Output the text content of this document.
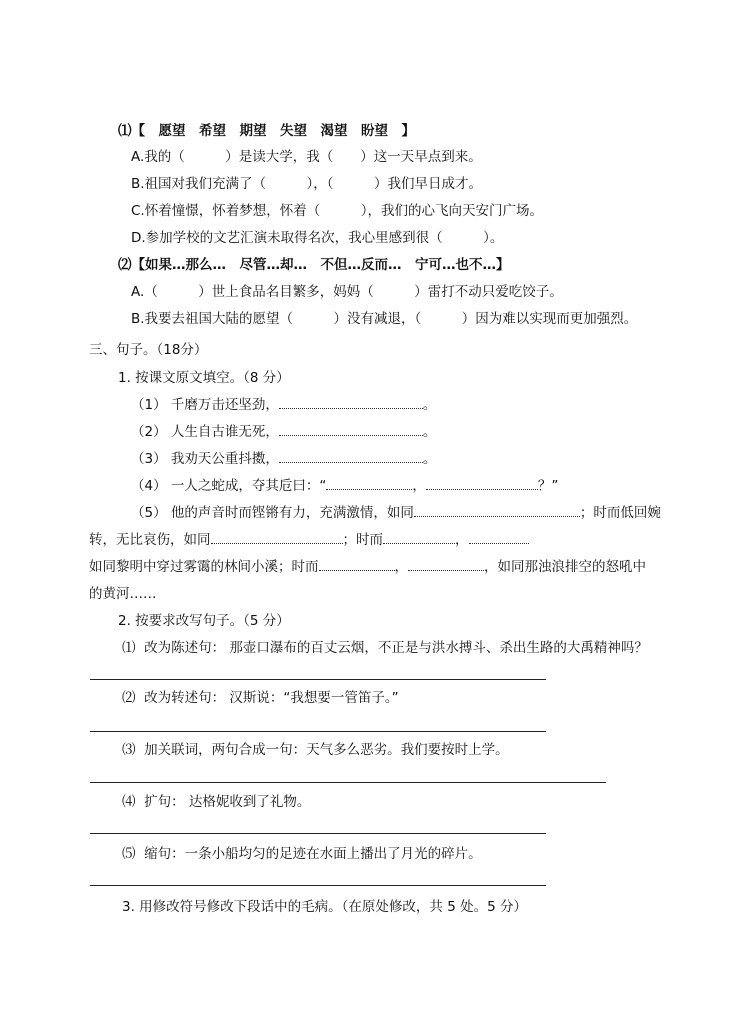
⑴【　愿望　希望　期望　失望　渴望　盼望　】
A.我的（　　　）是读大学，我（　　）这一天早点到来。
B.祖国对我们充满了（　　　），（　　　）我们早日成才。
C.怀着憧憬，怀着梦想，怀着（　　　），我们的心飞向天安门广场。
D.参加学校的文艺汇演未取得名次，我心里感到很（　　　）。
⑵【如果…那么…　尽管…却…　不但…反而…　宁可…也不…】
A.（　　　）世上食品名目繁多，妈妈（　　　）雷打不动只爱吃饺子。
B.我要去祖国大陆的愿望（　　　）没有减退，（　　　）因为难以实现而更加强烈。
三、句子。（18分）
1. 按课文原文填空。（8 分）
（1） 千磨万击还坚劲，	。
（2） 人生自古谁无死，	。
（3） 我劝天公重抖擞，	。
（4） 一人之蛇成，夺其卮曰：“	，	？”
（5） 他的声音时而铿锵有力，充满激情，如同	；时而低回婉
转，无比哀伤，如同	；时而	，
如同黎明中穿过雾霭的林间小溪；时而	，	，如同那浊浪排空的怒吼中
的黄河……
2. 按要求改写句子。（5 分）
⑴ 改为陈述句： 那壶口瀑布的百丈云烟，不正是与洪水搏斗、杀出生路的大禹精神吗？
⑵ 改为转述句： 汉斯说：“我想要一管笛子。”
⑶ 加关联词，两句合成一句：天气多么恶劣。我们要按时上学。
⑷ 扩句： 达格妮收到了礼物。
⑸ 缩句：一条小船均匀的足迹在水面上播出了月光的碎片。
3. 用修改符号修改下段话中的毛病。（在原处修改，共 5 处。5 分）
